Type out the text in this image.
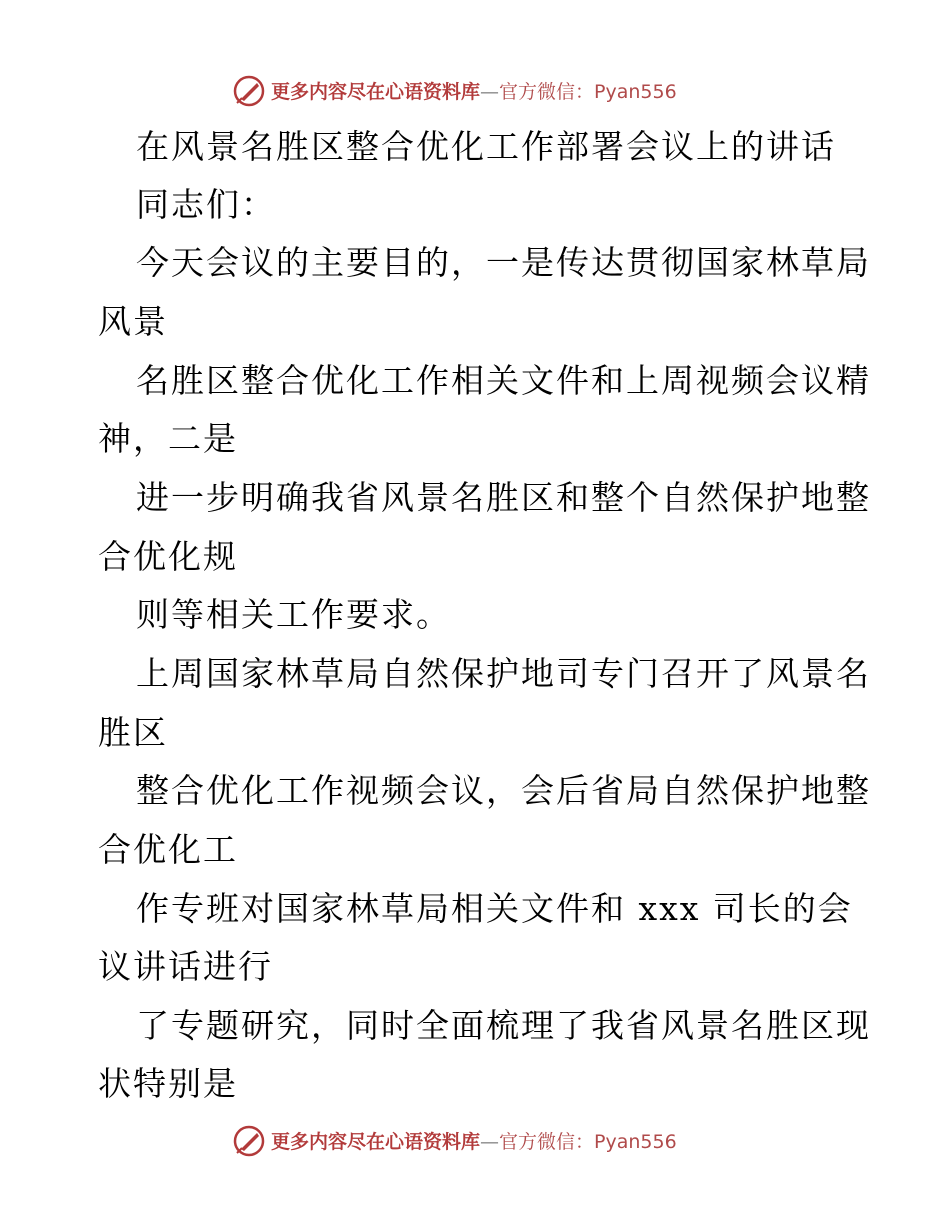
更多内容尽在心语资料库—官方微信：Pyan556
在风景名胜区整合优化工作部署会议上的讲话
同志们：
今天会议的主要目的，一是传达贯彻国家林草局
风景
名胜区整合优化工作相关文件和上周视频会议精
神，二是
进一步明确我省风景名胜区和整个自然保护地整
合优化规
则等相关工作要求。
上周国家林草局自然保护地司专门召开了风景名
胜区
整合优化工作视频会议，会后省局自然保护地整
合优化工
作专班对国家林草局相关文件和 xxx 司长的会
议讲话进行
了专题研究，同时全面梳理了我省风景名胜区现
状特别是
更多内容尽在心语资料库—官方微信：Pyan556
